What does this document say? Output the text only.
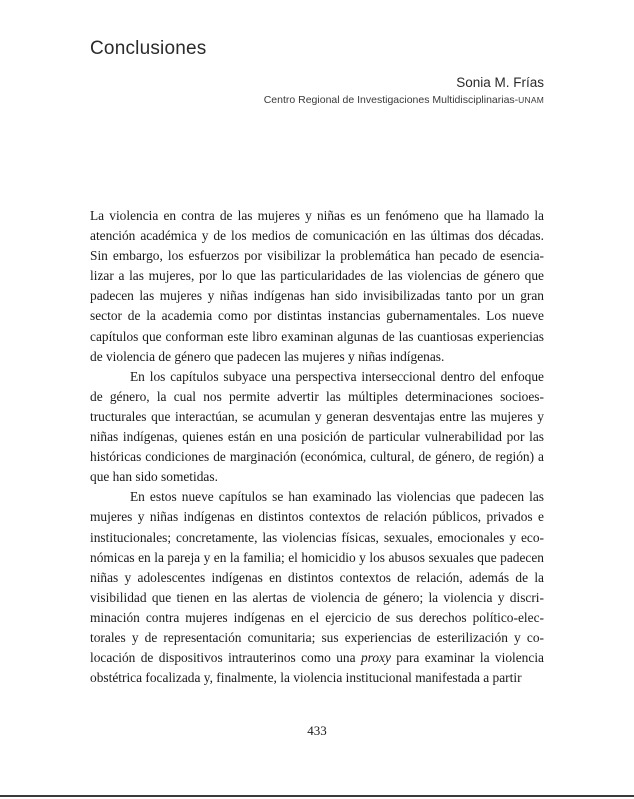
Conclusiones
Sonia M. Frías
Centro Regional de Investigaciones Multidisciplinarias-UNAM

La violencia en contra de las mujeres y niñas es un fenómeno que ha llamado la atención académica y de los medios de comunicación en las últimas dos décadas. Sin embargo, los esfuerzos por visibilizar la problemática han pecado de esencializar a las mujeres, por lo que las particularidades de las violencias de género que padecen las mujeres y niñas indígenas han sido invisibilizadas tanto por un gran sector de la academia como por distintas instancias gubernamentales. Los nueve capítulos que conforman este libro examinan algunas de las cuantiosas experiencias de violencia de género que padecen las mujeres y niñas indígenas.

En los capítulos subyace una perspectiva interseccional dentro del enfoque de género, la cual nos permite advertir las múltiples determinaciones socioestructurales que interactúan, se acumulan y generan desventajas entre las mujeres y niñas indígenas, quienes están en una posición de particular vulnerabilidad por las históricas condiciones de marginación (económica, cultural, de género, de región) a que han sido sometidas.

En estos nueve capítulos se han examinado las violencias que padecen las mujeres y niñas indígenas en distintos contextos de relación públicos, privados e institucionales; concretamente, las violencias físicas, sexuales, emocionales y económicas en la pareja y en la familia; el homicidio y los abusos sexuales que padecen niñas y adolescentes indígenas en distintos contextos de relación, además de la visibilidad que tienen en las alertas de violencia de género; la violencia y discriminación contra mujeres indígenas en el ejercicio de sus derechos político-electorales y de representación comunitaria; sus experiencias de esterilización y colocación de dispositivos intrauterinos como una proxy para examinar la violencia obstétrica focalizada y, finalmente, la violencia institucional manifestada a partir

433
